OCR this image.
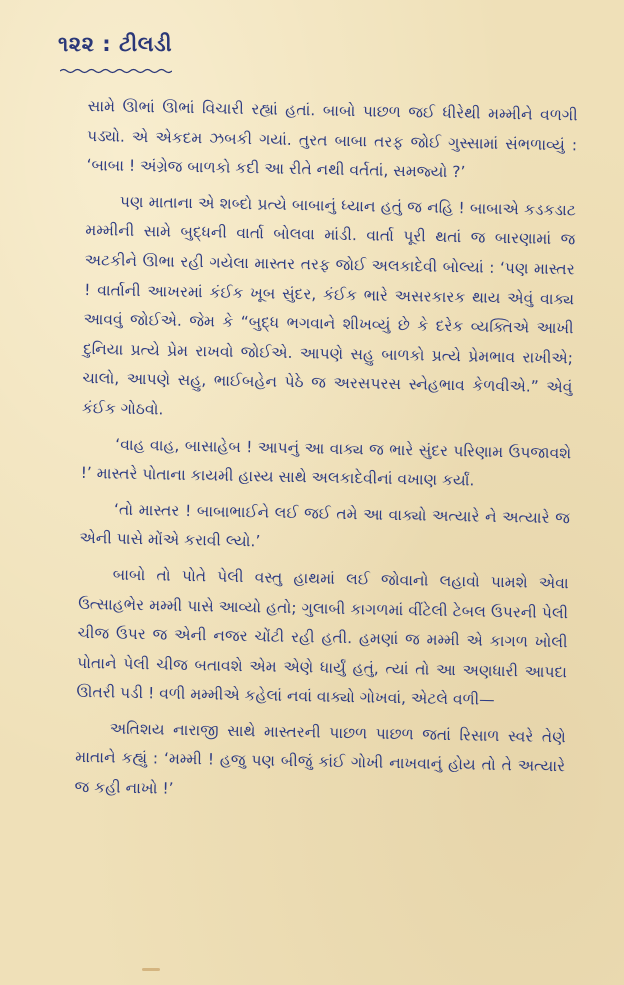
૧૨૨ : ટીલડી

સામે ઊભાં ઊભાં વિચારી રહ્યાં હતાં. બાબો પાછળ જઈ ધીરેથી મમ્મીને વળગી પડ્યો. એ એકદમ ઝબકી ગયાં. તુરત બાબા તરફ જોઈ ગુસ્સામાં સંભળાવ્યું : ‘બાબા ! અંગ્રેજ બાળકો કદી આ રીતે નથી વર્તતાં, સમજ્યો ?’

પણ માતાના એ શબ્દો પ્રત્યે બાબાનું ધ્યાન હતું જ નહિ ! બાબાએ કડકડાટ મમ્મીની સામે બુદ્ધની વાર્તા બોલવા માંડી. વાર્તા પૂરી થતાં જ બારણામાં જ અટકીને ઊભા રહી ગયેલા માસ્તર તરફ જોઈ અલકાદેવી બોલ્યાં : ‘પણ માસ્તર ! વાર્તાની આખરમાં કંઈક ખૂબ સુંદર, કંઈક ભારે અસરકારક થાય એવું વાક્ય આવવું જોઈએ. જેમ કે “બુદ્ધ ભગવાને શીખવ્યું છે કે દરેક વ્યક્તિએ આખી દુનિયા પ્રત્યે પ્રેમ રાખવો જોઈએ. આપણે સહુ બાળકો પ્રત્યે પ્રેમભાવ રાખીએ; ચાલો, આપણે સહુ, ભાઈબહેન પેઠે જ અરસપરસ સ્નેહભાવ કેળવીએ.” એવું કંઈક ગોઠવો.

‘વાહ વાહ, બાસાહેબ ! આપનું આ વાક્ય જ ભારે સુંદર પરિણામ ઉપજાવશે !’ માસ્તરે પોતાના કાયમી હાસ્ય સાથે અલકાદેવીનાં વખાણ કર્યાં.

‘તો માસ્તર ! બાબાભાઈને લઈ જઈ તમે આ વાક્યો અત્યારે ને અત્યારે જ એની પાસે મોંએ કરાવી લ્યો.’

બાબો તો પોતે પેલી વસ્તુ હાથમાં લઈ જોવાનો લહાવો પામશે એવા ઉત્સાહભેર મમ્મી પાસે આવ્યો હતો; ગુલાબી કાગળમાં વીંટેલી ટેબલ ઉપરની પેલી ચીજ ઉપર જ એની નજર ચોંટી રહી હતી. હમણાં જ મમ્મી એ કાગળ ખોલી પોતાને પેલી ચીજ બતાવશે એમ એણે ધાર્યું હતું, ત્યાં તો આ અણધારી આપદા ઊતરી પડી ! વળી મમ્મીએ કહેલાં નવાં વાક્યો ગોખવાં, એટલે વળી—

અતિશય નારાજી સાથે માસ્તરની પાછળ પાછળ જતાં રિસાળ સ્વરે તેણે માતાને કહ્યું : ‘મમ્મી ! હજુ પણ બીજું કાંઈ ગોખી નાખવાનું હોય તો તે અત્યારે જ કહી નાખો !’
